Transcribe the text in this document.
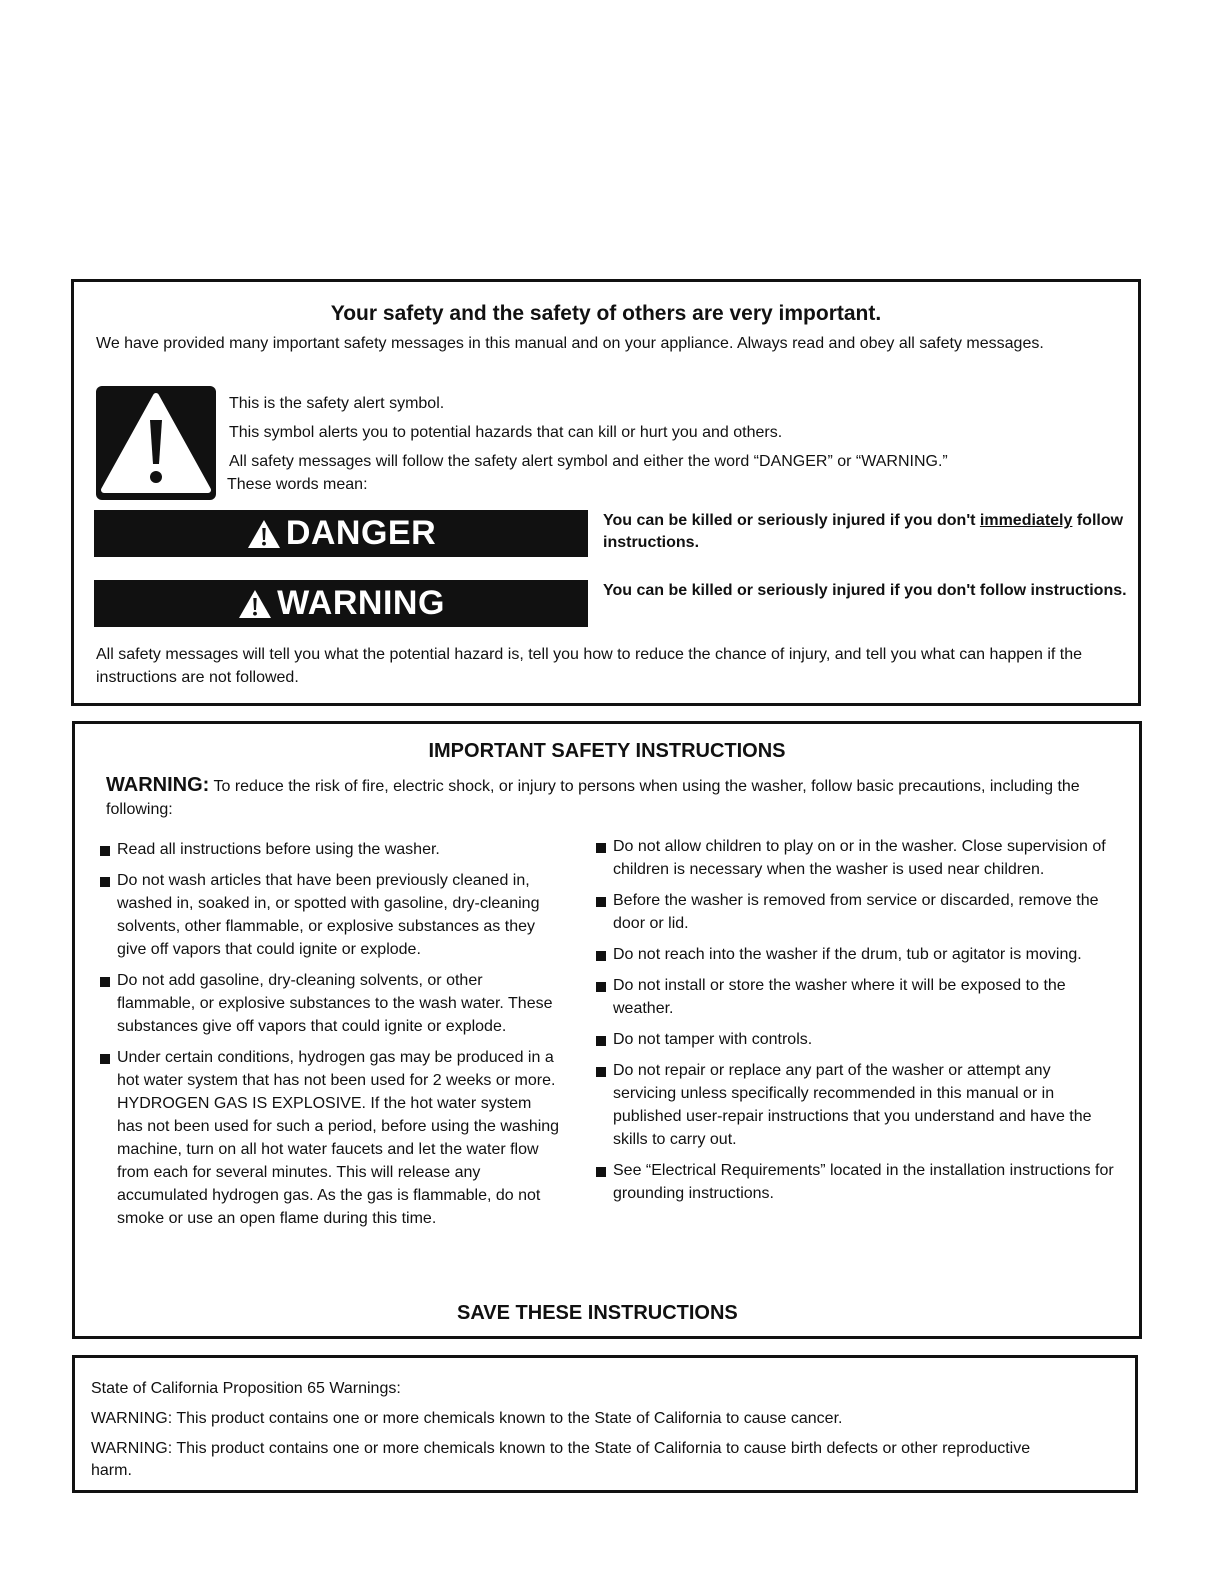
Your safety and the safety of others are very important.
We have provided many important safety messages in this manual and on your appliance. Always read and obey all safety messages.
This is the safety alert symbol.
This symbol alerts you to potential hazards that can kill or hurt you and others.
All safety messages will follow the safety alert symbol and either the word “DANGER” or “WARNING.”
These words mean:
DANGER	You can be killed or seriously injured if you don't immediately follow instructions.
WARNING	You can be killed or seriously injured if you don't follow instructions.
All safety messages will tell you what the potential hazard is, tell you how to reduce the chance of injury, and tell you what can happen if the instructions are not followed.
IMPORTANT SAFETY INSTRUCTIONS
WARNING: To reduce the risk of fire, electric shock, or injury to persons when using the washer, follow basic precautions, including the following:
Read all instructions before using the washer.
Do not wash articles that have been previously cleaned in, washed in, soaked in, or spotted with gasoline, dry-cleaning solvents, other flammable, or explosive substances as they give off vapors that could ignite or explode.
Do not add gasoline, dry-cleaning solvents, or other flammable, or explosive substances to the wash water. These substances give off vapors that could ignite or explode.
Under certain conditions, hydrogen gas may be produced in a hot water system that has not been used for 2 weeks or more. HYDROGEN GAS IS EXPLOSIVE. If the hot water system has not been used for such a period, before using the washing machine, turn on all hot water faucets and let the water flow from each for several minutes. This will release any accumulated hydrogen gas. As the gas is flammable, do not smoke or use an open flame during this time.
Do not allow children to play on or in the washer. Close supervision of children is necessary when the washer is used near children.
Before the washer is removed from service or discarded, remove the door or lid.
Do not reach into the washer if the drum, tub or agitator is moving.
Do not install or store the washer where it will be exposed to the weather.
Do not tamper with controls.
Do not repair or replace any part of the washer or attempt any servicing unless specifically recommended in this manual or in published user-repair instructions that you understand and have the skills to carry out.
See “Electrical Requirements” located in the installation instructions for grounding instructions.
SAVE THESE INSTRUCTIONS
State of California Proposition 65 Warnings:
WARNING: This product contains one or more chemicals known to the State of California to cause cancer.
WARNING: This product contains one or more chemicals known to the State of California to cause birth defects or other reproductive harm.
